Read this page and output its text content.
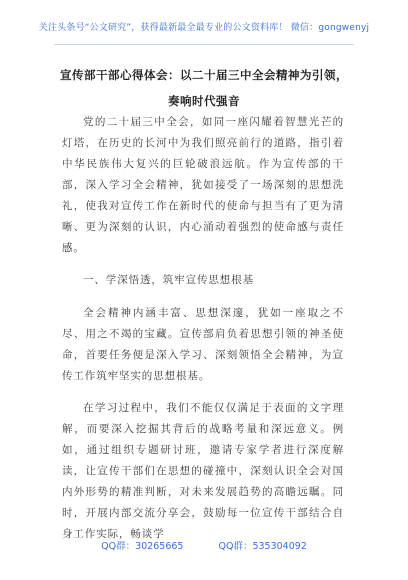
关注头条号“公文研究”，获得最新最全最专业的公文资料库！ 微信：gongwenyj
宣传部干部心得体会：以二十届三中全会精神为引领，奏响时代强音

党的二十届三中全会，如同一座闪耀着智慧光芒的灯塔，在历史的长河中为我们照亮前行的道路，指引着中华民族伟大复兴的巨轮破浪远航。作为宣传部的干部，深入学习全会精神，犹如接受了一场深刻的思想洗礼，使我对宣传工作在新时代的使命与担当有了更为清晰、更为深刻的认识，内心涌动着强烈的使命感与责任感。

一、学深悟透，筑牢宣传思想根基

全会精神内涵丰富、思想深邃，犹如一座取之不尽、用之不竭的宝藏。宣传部肩负着思想引领的神圣使命，首要任务便是深入学习、深刻领悟全会精神，为宣传工作筑牢坚实的思想根基。

在学习过程中，我们不能仅仅满足于表面的文字理解，而要深入挖掘其背后的战略考量和深远意义。例如，通过组织专题研讨班，邀请专家学者进行深度解读，让宣传干部们在思想的碰撞中，深刻认识全会对国内外形势的精准判断，对未来发展趋势的高瞻远瞩。同时，开展内部交流分享会，鼓励每一位宣传干部结合自身工作实际，畅谈学

QQ群：30265665	QQ群：535304092
